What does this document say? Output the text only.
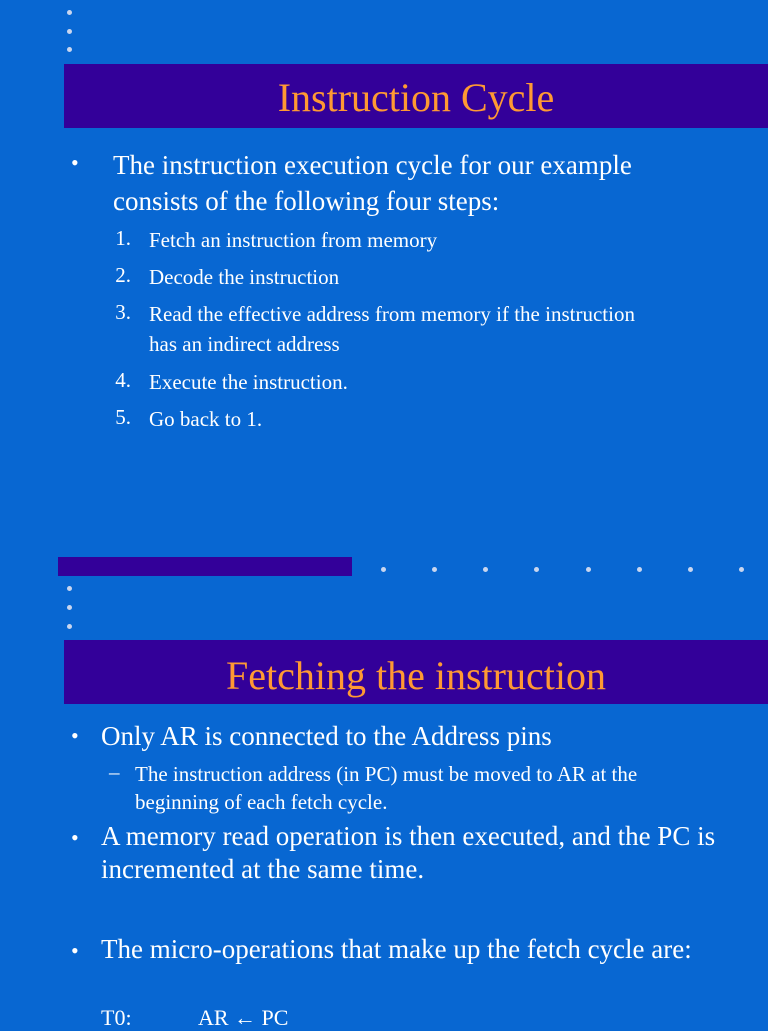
Instruction Cycle
• The instruction execution cycle for our example consists of the following four steps:

1. Fetch an instruction from memory

2. Decode the instruction

3. Read the effective address from memory if the instruction has an indirect address

4. Execute the instruction.

5. Go back to 1.

Fetching the instruction
• Only AR is connected to the Address pins

– The instruction address (in PC) must be moved to AR at the beginning of each fetch cycle.

• A memory read operation is then executed, and the PC is incremented at the same time.

• The micro-operations that make up the fetch cycle are:

T0:	AR ← PC
